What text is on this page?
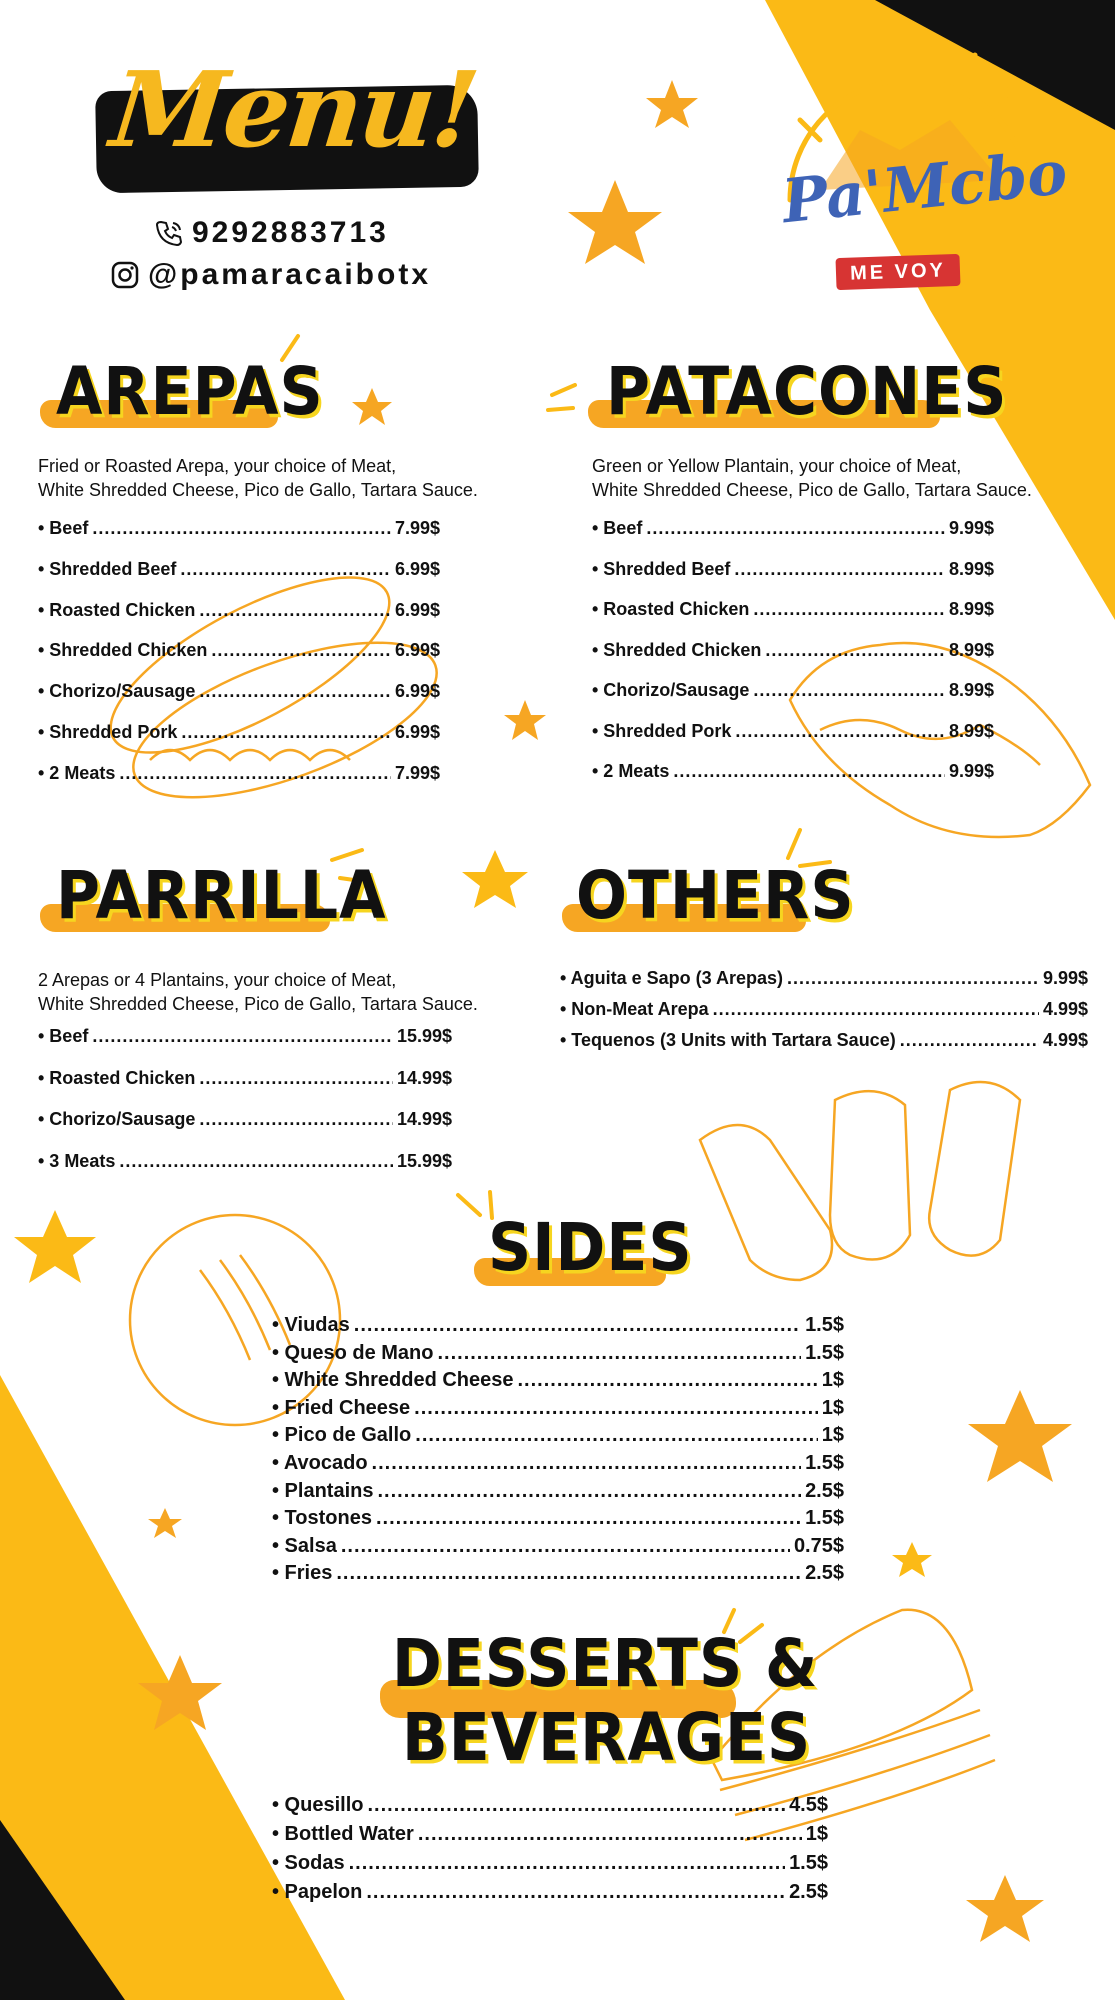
Menu!
9292883713
@pamaracaibotx
Pa'Mcbo
ME VOY
AREPAS
Fried or Roasted Arepa, your choice of Meat,
White Shredded Cheese, Pico de Gallo, Tartara Sauce.
• Beef .....	7.99$
• Shredded Beef .....	6.99$
• Roasted Chicken .....	6.99$
• Shredded Chicken .....	6.99$
• Chorizo/Sausage .....	6.99$
• Shredded Pork .....	6.99$
• 2 Meats .....	7.99$
PATACONES
Green or Yellow Plantain, your choice of Meat,
White Shredded Cheese, Pico de Gallo, Tartara Sauce.
• Beef .....	9.99$
• Shredded Beef .....	8.99$
• Roasted Chicken .....	8.99$
• Shredded Chicken .....	8.99$
• Chorizo/Sausage .....	8.99$
• Shredded Pork .....	8.99$
• 2 Meats .....	9.99$
PARRILLA
2 Arepas or 4 Plantains, your choice of Meat,
White Shredded Cheese, Pico de Gallo, Tartara Sauce.
• Beef .....	15.99$
• Roasted Chicken .....	14.99$
• Chorizo/Sausage .....	14.99$
• 3 Meats .....	15.99$
OTHERS
• Aguita e Sapo (3 Arepas) .....	9.99$
• Non-Meat Arepa .....	4.99$
• Tequenos (3 Units with Tartara Sauce) .....	4.99$
SIDES
• Viudas .....	1.5$
• Queso de Mano .....	1.5$
• White Shredded Cheese .....	1$
• Fried Cheese .....	1$
• Pico de Gallo .....	1$
• Avocado .....	1.5$
• Plantains .....	2.5$
• Tostones .....	1.5$
• Salsa .....	0.75$
• Fries .....	2.5$
DESSERTS &
BEVERAGES
• Quesillo .....	4.5$
• Bottled Water .....	1$
• Sodas .....	1.5$
• Papelon .....	2.5$
